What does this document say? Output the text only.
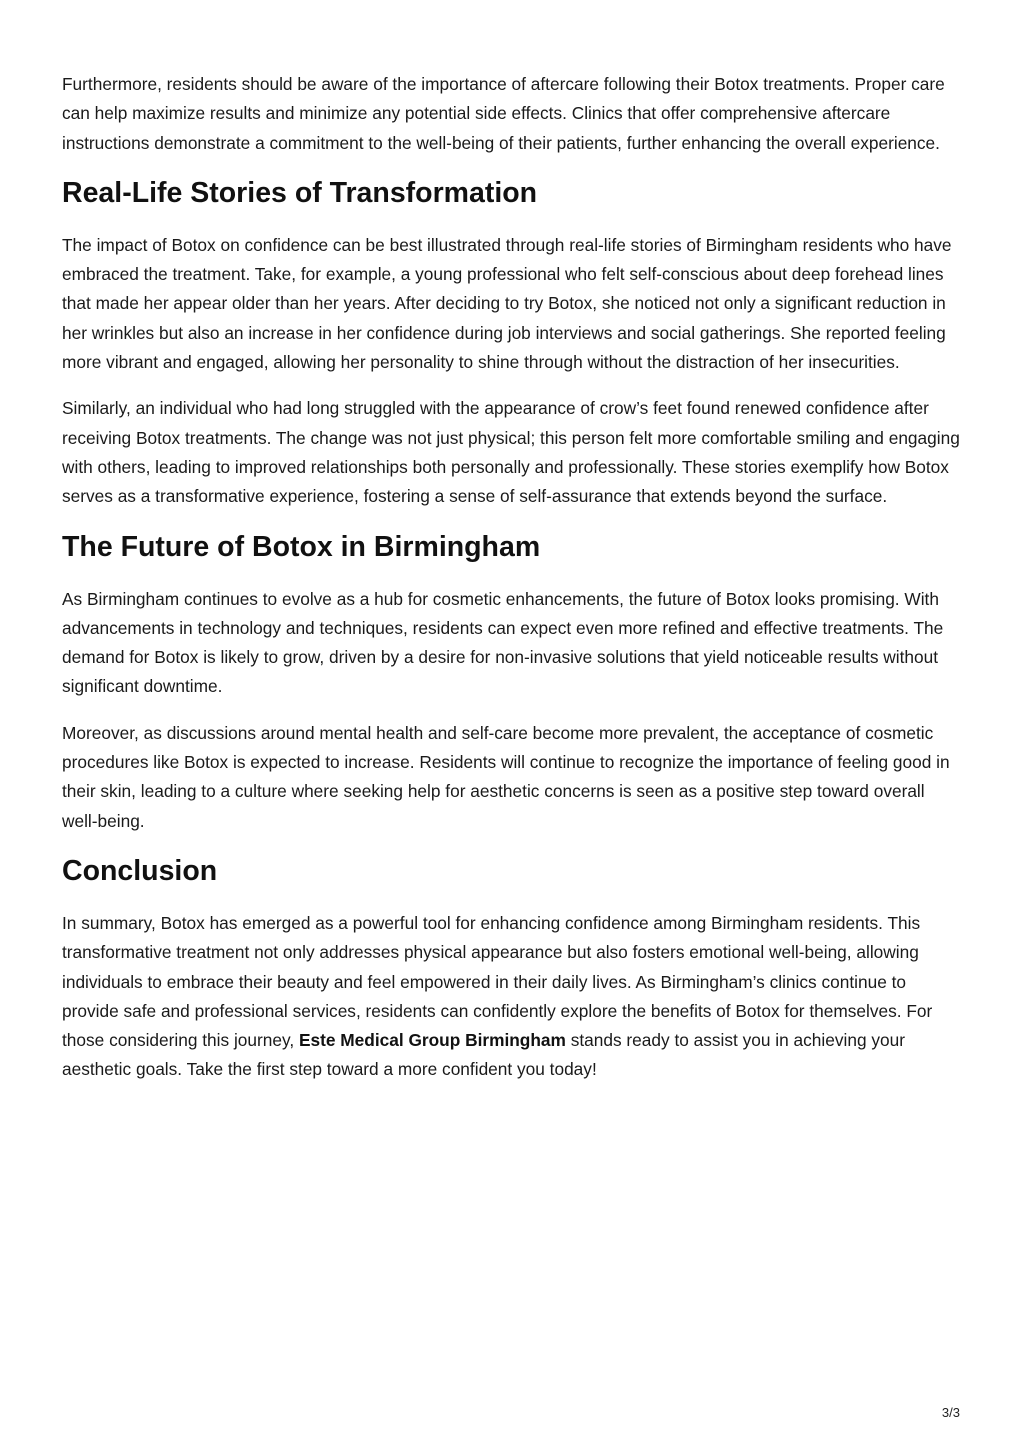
Furthermore, residents should be aware of the importance of aftercare following their Botox treatments. Proper care can help maximize results and minimize any potential side effects. Clinics that offer comprehensive aftercare instructions demonstrate a commitment to the well-being of their patients, further enhancing the overall experience.

Real-Life Stories of Transformation

The impact of Botox on confidence can be best illustrated through real-life stories of Birmingham residents who have embraced the treatment. Take, for example, a young professional who felt self-conscious about deep forehead lines that made her appear older than her years. After deciding to try Botox, she noticed not only a significant reduction in her wrinkles but also an increase in her confidence during job interviews and social gatherings. She reported feeling more vibrant and engaged, allowing her personality to shine through without the distraction of her insecurities.

Similarly, an individual who had long struggled with the appearance of crow’s feet found renewed confidence after receiving Botox treatments. The change was not just physical; this person felt more comfortable smiling and engaging with others, leading to improved relationships both personally and professionally. These stories exemplify how Botox serves as a transformative experience, fostering a sense of self-assurance that extends beyond the surface.

The Future of Botox in Birmingham

As Birmingham continues to evolve as a hub for cosmetic enhancements, the future of Botox looks promising. With advancements in technology and techniques, residents can expect even more refined and effective treatments. The demand for Botox is likely to grow, driven by a desire for non-invasive solutions that yield noticeable results without significant downtime.

Moreover, as discussions around mental health and self-care become more prevalent, the acceptance of cosmetic procedures like Botox is expected to increase. Residents will continue to recognize the importance of feeling good in their skin, leading to a culture where seeking help for aesthetic concerns is seen as a positive step toward overall well-being.

Conclusion

In summary, Botox has emerged as a powerful tool for enhancing confidence among Birmingham residents. This transformative treatment not only addresses physical appearance but also fosters emotional well-being, allowing individuals to embrace their beauty and feel empowered in their daily lives. As Birmingham’s clinics continue to provide safe and professional services, residents can confidently explore the benefits of Botox for themselves. For those considering this journey, Este Medical Group Birmingham stands ready to assist you in achieving your aesthetic goals. Take the first step toward a more confident you today!

3/3
